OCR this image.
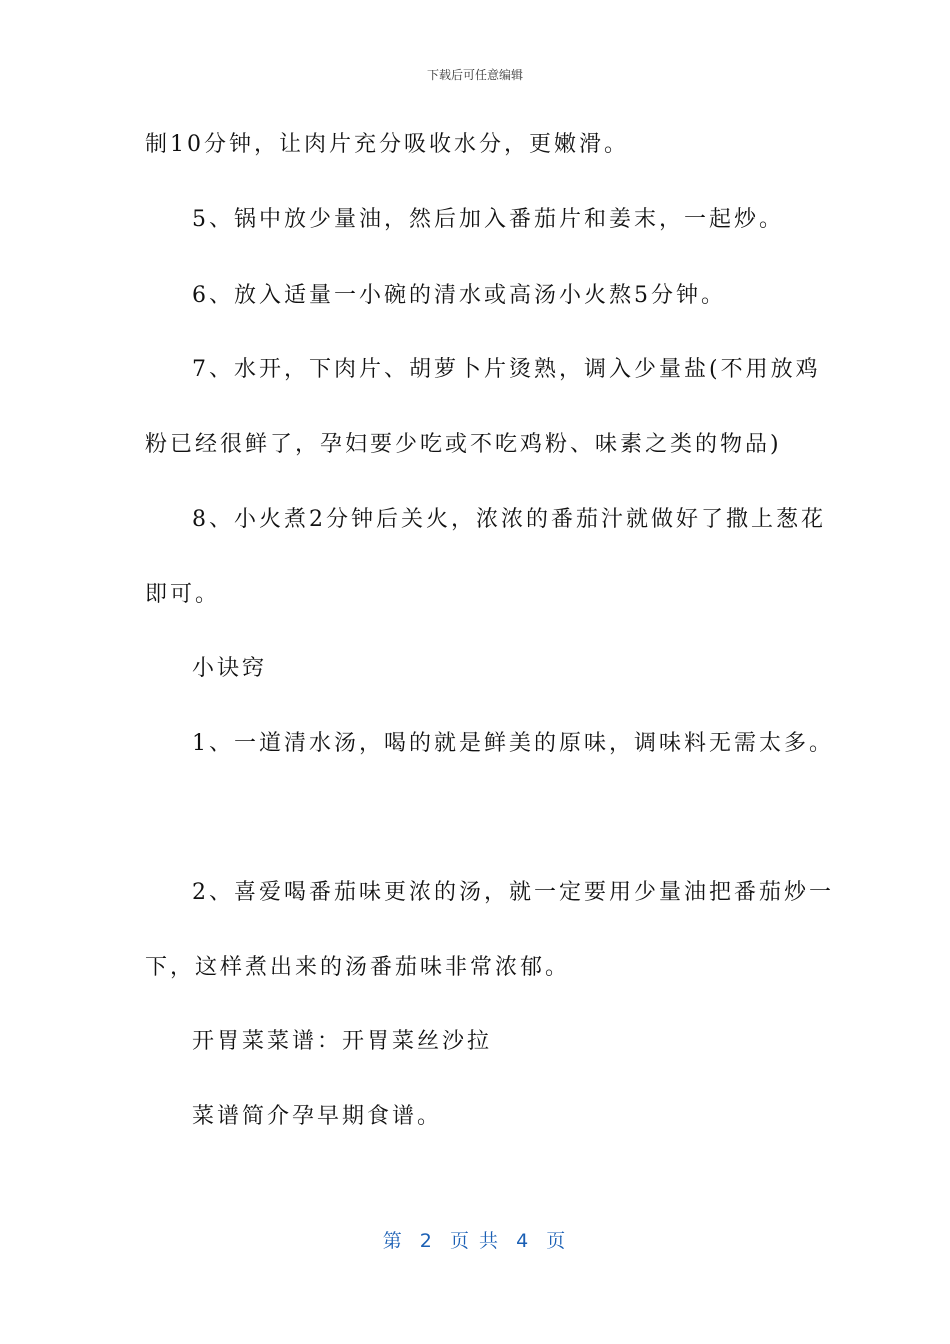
下载后可任意编辑
制10分钟，让肉片充分吸收水分，更嫩滑。
5、锅中放少量油，然后加入番茄片和姜末，一起炒。
6、放入适量一小碗的清水或高汤小火熬5分钟。
7、水开，下肉片、胡萝卜片烫熟，调入少量盐(不用放鸡
粉已经很鲜了，孕妇要少吃或不吃鸡粉、味素之类的物品)
8、小火煮2分钟后关火，浓浓的番茄汁就做好了撒上葱花
即可。
小诀窍
1、一道清水汤，喝的就是鲜美的原味，调味料无需太多。
2、喜爱喝番茄味更浓的汤，就一定要用少量油把番茄炒一
下，这样煮出来的汤番茄味非常浓郁。
开胃菜菜谱：开胃菜丝沙拉
菜谱简介孕早期食谱。
第  2  页 共  4  页
